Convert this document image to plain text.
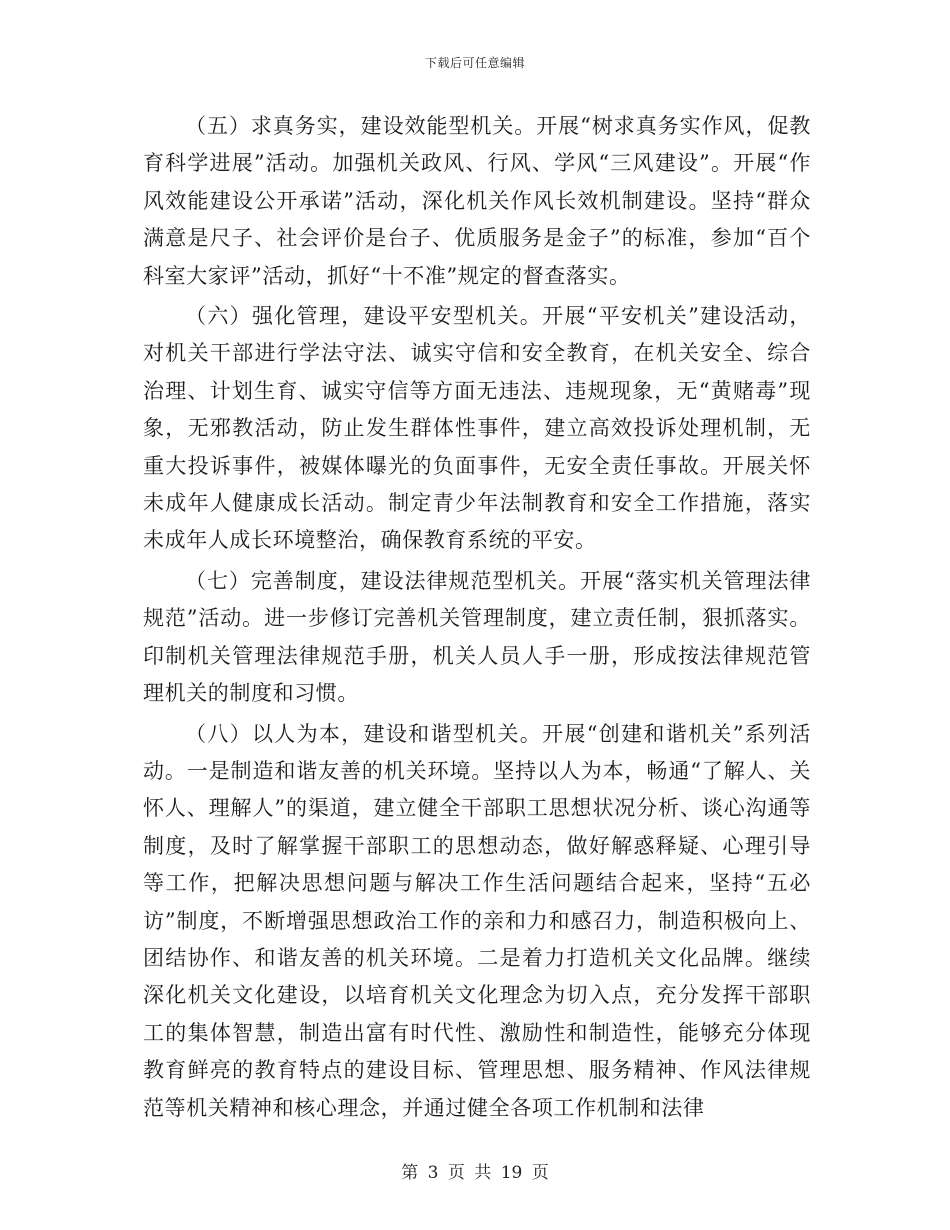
下载后可任意编辑

（五）求真务实，建设效能型机关。开展“树求真务实作风，促教育科学进展”活动。加强机关政风、行风、学风“三风建设”。开展“作风效能建设公开承诺”活动，深化机关作风长效机制建设。坚持“群众满意是尺子、社会评价是台子、优质服务是金子”的标准，参加“百个科室大家评”活动，抓好“十不准”规定的督查落实。

（六）强化管理，建设平安型机关。开展“平安机关”建设活动，对机关干部进行学法守法、诚实守信和安全教育，在机关安全、综合治理、计划生育、诚实守信等方面无违法、违规现象，无“黄赌毒”现象，无邪教活动，防止发生群体性事件，建立高效投诉处理机制，无重大投诉事件，被媒体曝光的负面事件，无安全责任事故。开展关怀未成年人健康成长活动。制定青少年法制教育和安全工作措施，落实未成年人成长环境整治，确保教育系统的平安。

（七）完善制度，建设法律规范型机关。开展“落实机关管理法律规范”活动。进一步修订完善机关管理制度，建立责任制，狠抓落实。印制机关管理法律规范手册，机关人员人手一册，形成按法律规范管理机关的制度和习惯。

（八）以人为本，建设和谐型机关。开展“创建和谐机关”系列活动。一是制造和谐友善的机关环境。坚持以人为本，畅通“了解人、关怀人、理解人”的渠道，建立健全干部职工思想状况分析、谈心沟通等制度，及时了解掌握干部职工的思想动态，做好解惑释疑、心理引导等工作，把解决思想问题与解决工作生活问题结合起来，坚持“五必访”制度，不断增强思想政治工作的亲和力和感召力，制造积极向上、团结协作、和谐友善的机关环境。二是着力打造机关文化品牌。继续深化机关文化建设，以培育机关文化理念为切入点，充分发挥干部职工的集体智慧，制造出富有时代性、激励性和制造性，能够充分体现教育鲜亮的教育特点的建设目标、管理思想、服务精神、作风法律规范等机关精神和核心理念，并通过健全各项工作机制和法律

第 3 页 共 19 页
